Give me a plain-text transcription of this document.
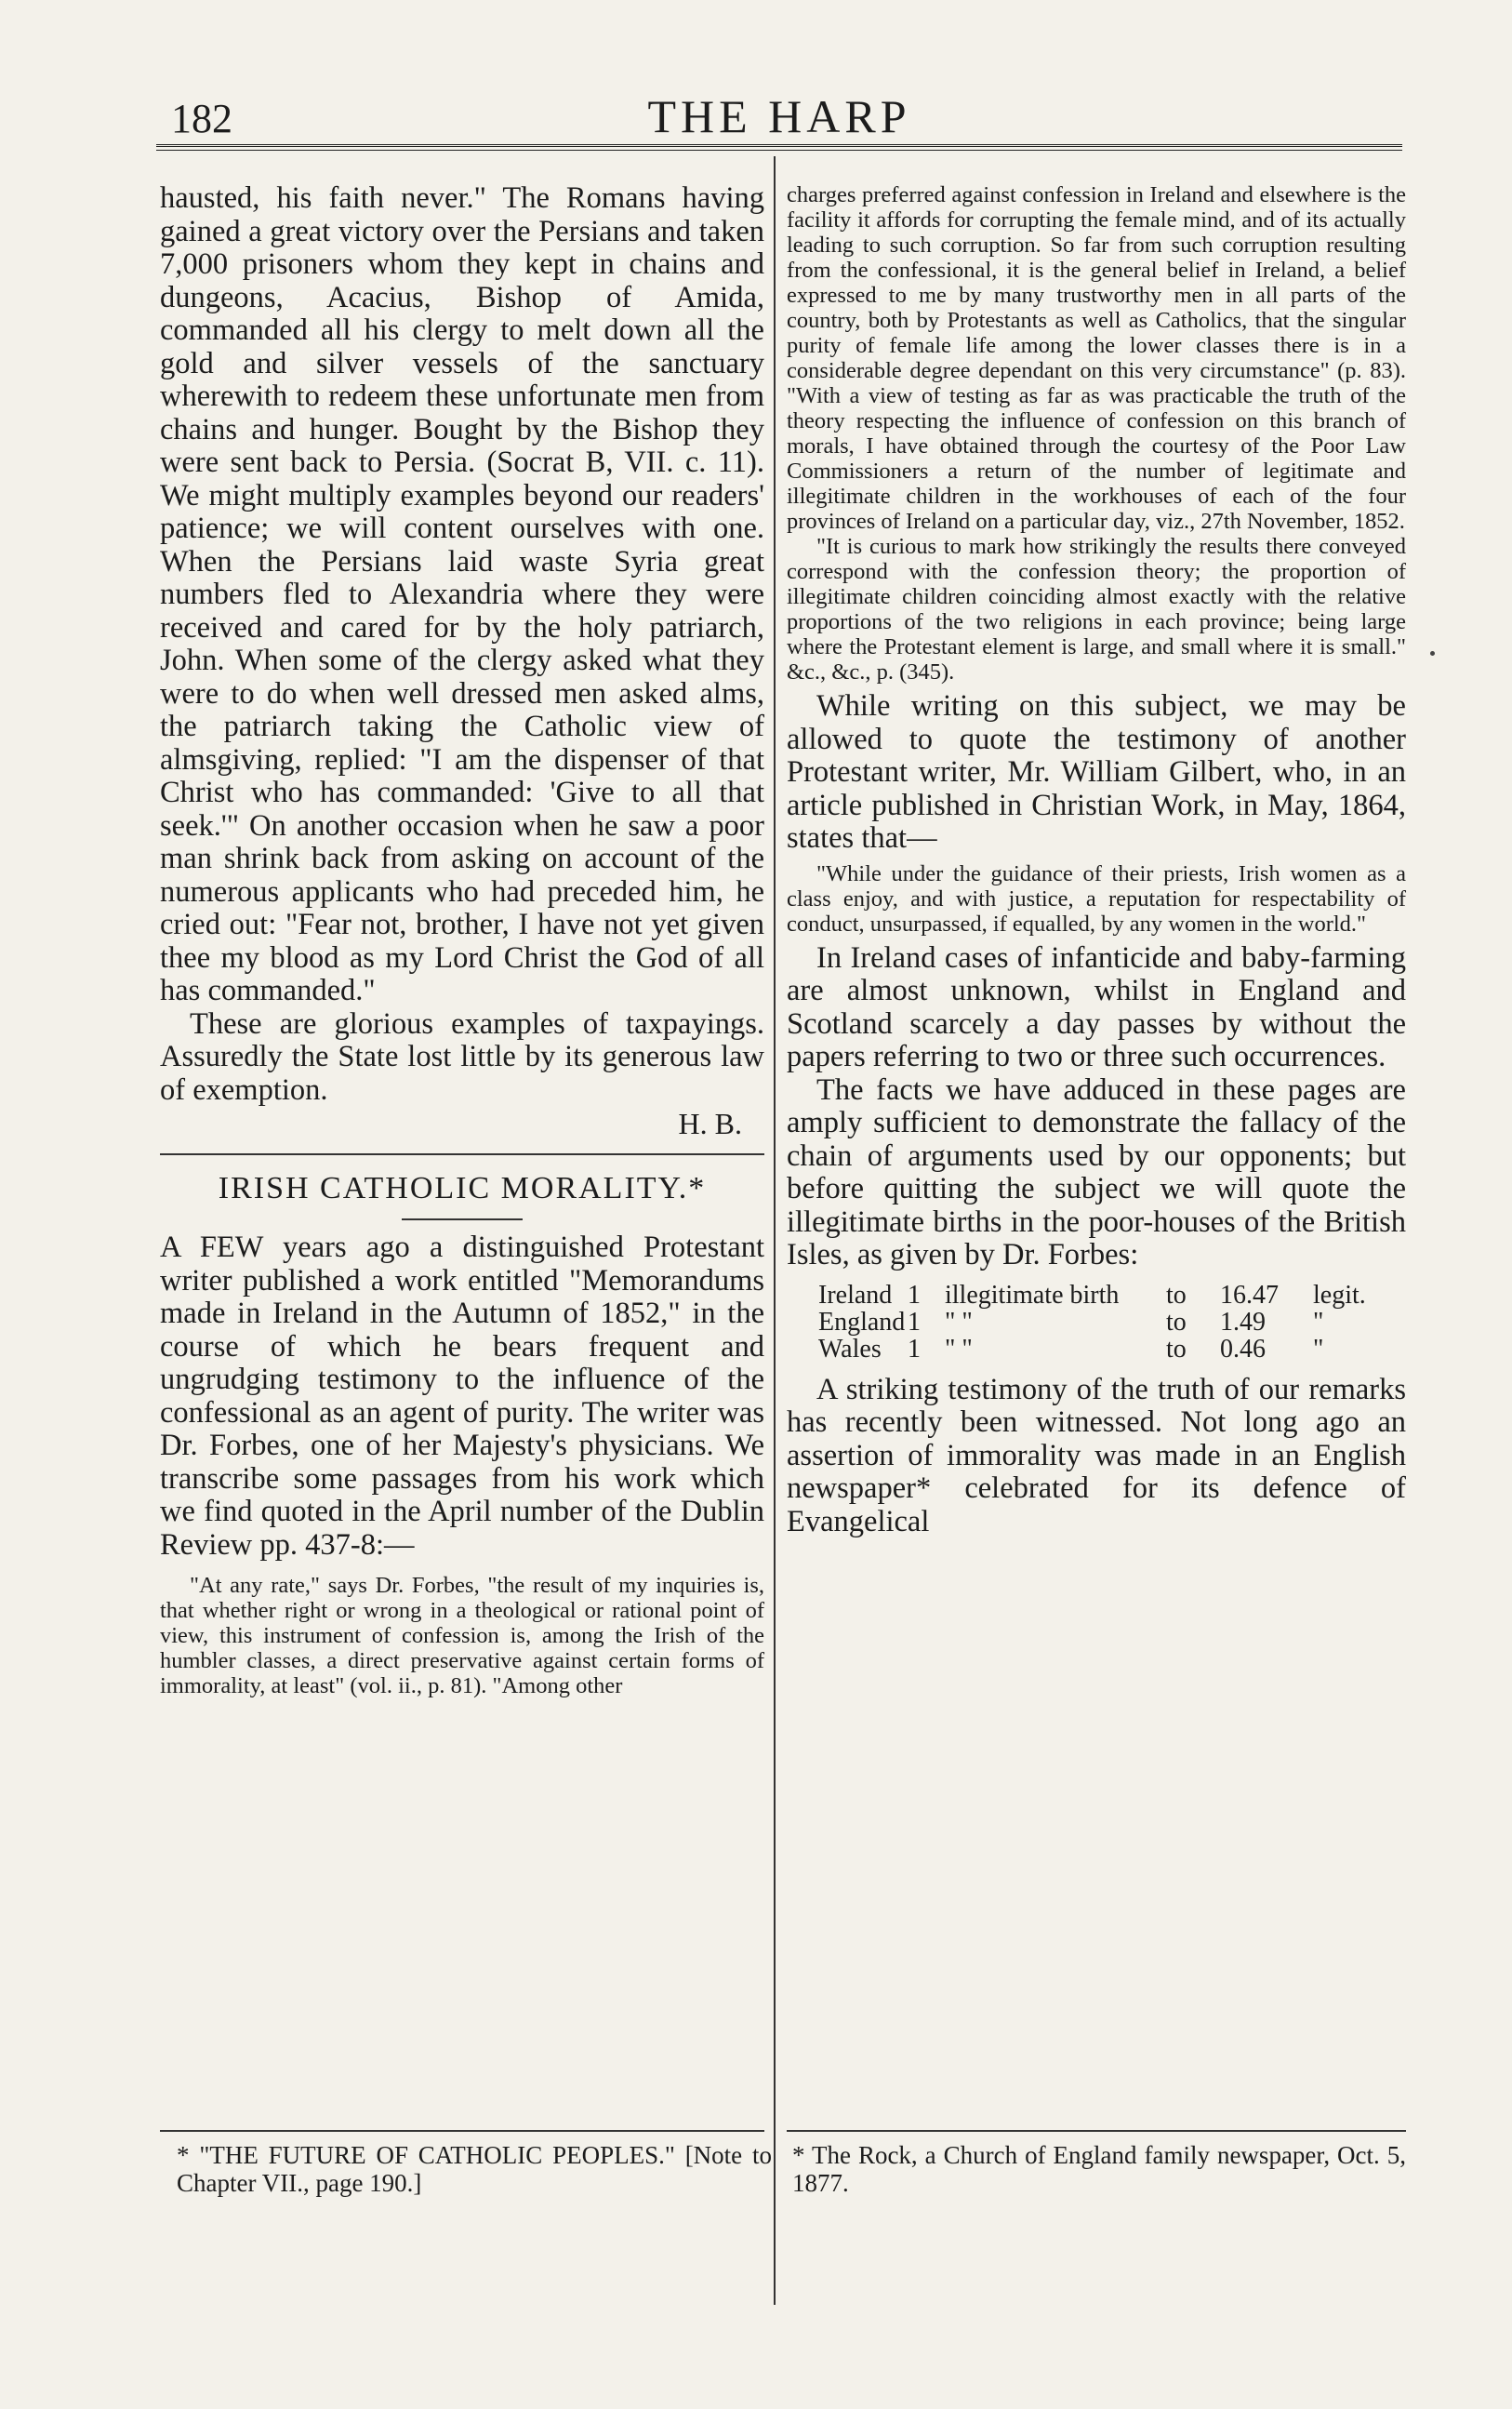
182	THE HARP

hausted, his faith never." The Romans having gained a great victory over the Persians and taken 7,000 prisoners whom they kept in chains and dungeons, Acacius, Bishop of Amida, commanded all his clergy to melt down all the gold and silver vessels of the sanctuary wherewith to redeem these unfortunate men from chains and hunger. Bought by the Bishop they were sent back to Persia. (Socrat B, VII. c. 11). We might multiply examples beyond our readers' patience; we will content ourselves with one. When the Persians laid waste Syria great numbers fled to Alexandria where they were received and cared for by the holy patriarch, John. When some of the clergy asked what they were to do when well dressed men asked alms, the patriarch taking the Catholic view of almsgiving, replied: "I am the dispenser of that Christ who has commanded: 'Give to all that seek.'" On another occasion when he saw a poor man shrink back from asking on account of the numerous applicants who had preceded him, he cried out: "Fear not, brother, I have not yet given thee my blood as my Lord Christ the God of all has commanded."

These are glorious examples of taxpayings. Assuredly the State lost little by its generous law of exemption.

H. B.
IRISH CATHOLIC MORALITY.*

A FEW years ago a distinguished Protestant writer published a work entitled "Memorandums made in Ireland in the Autumn of 1852," in the course of which he bears frequent and ungrudging testimony to the influence of the confessional as an agent of purity. The writer was Dr. Forbes, one of her Majesty's physicians. We transcribe some passages from his work which we find quoted in the April number of the Dublin Review pp. 437-8:—

"At any rate," says Dr. Forbes, "the result of my inquiries is, that whether right or wrong in a theological or rational point of view, this instrument of confession is, among the Irish of the humbler classes, a direct preservative against certain forms of immorality, at least" (vol. ii., p. 81). "Among other

charges preferred against confession in Ireland and elsewhere is the facility it affords for corrupting the female mind, and of its actually leading to such corruption. So far from such corruption resulting from the confessional, it is the general belief in Ireland, a belief expressed to me by many trustworthy men in all parts of the country, both by Protestants as well as Catholics, that the singular purity of female life among the lower classes there is in a considerable degree dependant on this very circumstance" (p. 83). "With a view of testing as far as was practicable the truth of the theory respecting the influence of confession on this branch of morals, I have obtained through the courtesy of the Poor Law Commissioners a return of the number of legitimate and illegitimate children in the workhouses of each of the four provinces of Ireland on a particular day, viz., 27th November, 1852.

"It is curious to mark how strikingly the results there conveyed correspond with the confession theory; the proportion of illegitimate children coinciding almost exactly with the relative proportions of the two religions in each province; being large where the Protestant element is large, and small where it is small." &c., &c., p. (345).

While writing on this subject, we may be allowed to quote the testimony of another Protestant writer, Mr. William Gilbert, who, in an article published in Christian Work, in May, 1864, states that—

"While under the guidance of their priests, Irish women as a class enjoy, and with justice, a reputation for respectability of conduct, unsurpassed, if equalled, by any women in the world."

In Ireland cases of infanticide and baby-farming are almost unknown, whilst in England and Scotland scarcely a day passes by without the papers referring to two or three such occurrences.

The facts we have adduced in these pages are amply sufficient to demonstrate the fallacy of the chain of arguments used by our opponents; but before quitting the subject we will quote the illegitimate births in the poor-houses of the British Isles, as given by Dr. Forbes:

Ireland 1 illegitimate birth	to	16.47	legit.
England 1 " "	to	1.49	"
Wales	1 " "	to	0.46	"

A striking testimony of the truth of our remarks has recently been witnessed. Not long ago an assertion of immorality was made in an English newspaper* celebrated for its defence of Evangelical

* "THE FUTURE OF CATHOLIC PEOPLES." [Note to Chapter VII., page 190.]

* The Rock, a Church of England family newspaper, Oct. 5, 1877.
